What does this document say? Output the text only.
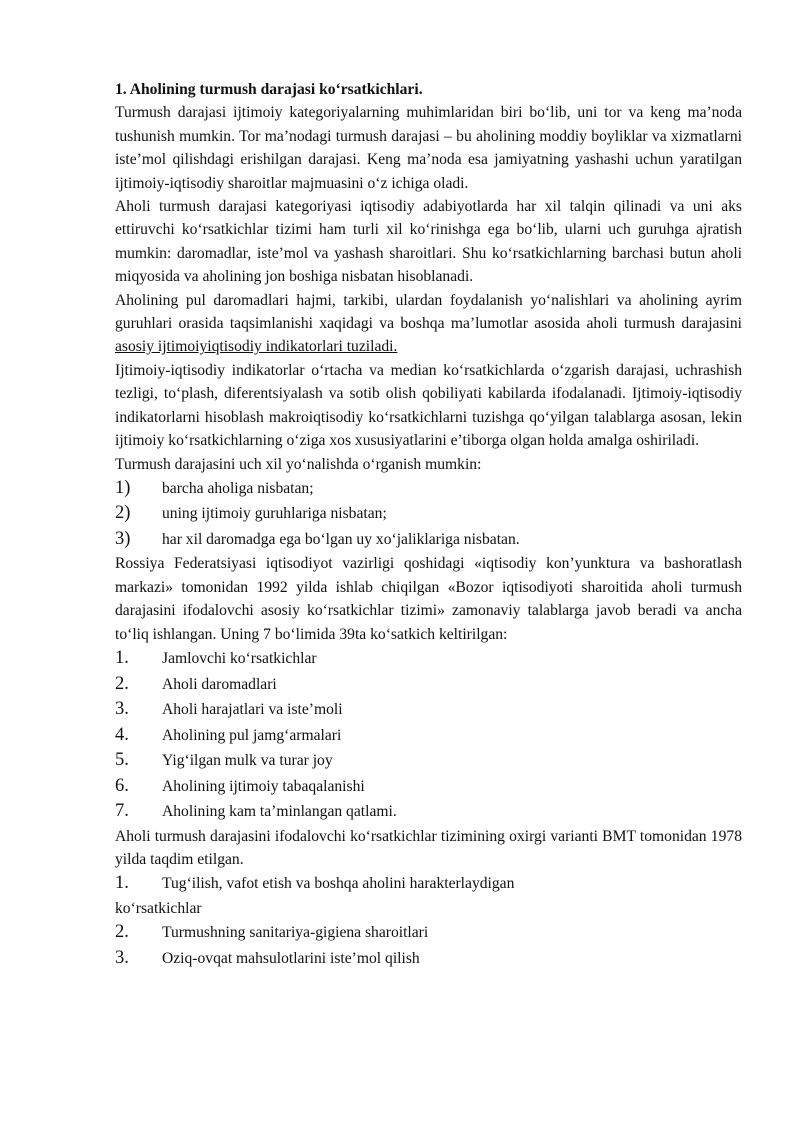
1. Aholining turmush darajasi ko‘rsatkichlari.

Turmush darajasi ijtimoiy kategoriyalarning muhimlaridan biri bo‘lib, uni tor va keng ma’noda tushunish mumkin. Tor ma’nodagi turmush darajasi – bu aholining moddiy boyliklar va xizmatlarni iste’mol qilishdagi erishilgan darajasi. Keng ma’noda esa jamiyatning yashashi uchun yaratilgan ijtimoiy-iqtisodiy sharoitlar majmuasini o‘z ichiga oladi.

Aholi turmush darajasi kategoriyasi iqtisodiy adabiyotlarda har xil talqin qilinadi va uni aks ettiruvchi ko‘rsatkichlar tizimi ham turli xil ko‘rinishga ega bo‘lib, ularni uch guruhga ajratish mumkin: daromadlar, iste’mol va yashash sharoitlari. Shu ko‘rsatkichlarning barchasi butun aholi miqyosida va aholining jon boshiga nisbatan hisoblanadi.

Aholining pul daromadlari hajmi, tarkibi, ulardan foydalanish yo‘nalishlari va aholining ayrim guruhlari orasida taqsimlanishi xaqidagi va boshqa ma’lumotlar asosida aholi turmush darajasini asosiy ijtimoiyiqtisodiy indikatorlari tuziladi.

Ijtimoiy-iqtisodiy indikatorlar o‘rtacha va median ko‘rsatkichlarda o‘zgarish darajasi, uchrashish tezligi, to‘plash, diferentsiyalash va sotib olish qobiliyati kabilarda ifodalanadi. Ijtimoiy-iqtisodiy indikatorlarni hisoblash makroiqtisodiy ko‘rsatkichlarni tuzishga qo‘yilgan talablarga asosan, lekin ijtimoiy ko‘rsatkichlarning o‘ziga xos xususiyatlarini e’tiborga olgan holda amalga oshiriladi.

Turmush darajasini uch xil yo‘nalishda o‘rganish mumkin:

1)	barcha aholiga nisbatan;
2)	uning ijtimoiy guruhlariga nisbatan;
3)	har xil daromadga ega bo‘lgan uy xo‘jaliklariga nisbatan.

Rossiya Federatsiyasi iqtisodiyot vazirligi qoshidagi «iqtisodiy kon’yunktura va bashoratlash markazi» tomonidan 1992 yilda ishlab chiqilgan «Bozor iqtisodiyoti sharoitida aholi turmush darajasini ifodalovchi asosiy ko‘rsatkichlar tizimi» zamonaviy talablarga javob beradi va ancha to‘liq ishlangan. Uning 7 bo‘limida 39ta ko‘satkich keltirilgan:

1.	Jamlovchi ko‘rsatkichlar
2.	Aholi daromadlari
3.	Aholi harajatlari va iste’moli
4.	Aholining pul jamg‘armalari
5.	Yig‘ilgan mulk va turar joy
6.	Aholining ijtimoiy tabaqalanishi
7.	Aholining kam ta’minlangan qatlami.

Aholi turmush darajasini ifodalovchi ko‘rsatkichlar tizimining oxirgi varianti BMT tomonidan 1978 yilda taqdim etilgan.

1.	Tug‘ilish, vafot etish va boshqa aholini harakterlaydigan

ko‘rsatkichlar

2.	Turmushning sanitariya-gigiena sharoitlari
3.	Oziq-ovqat mahsulotlarini iste’mol qilish
